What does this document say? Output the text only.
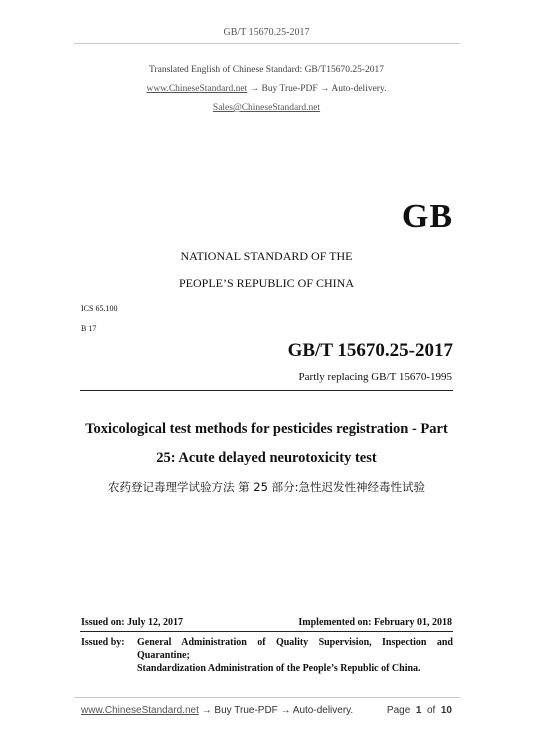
GB/T 15670.25-2017
Translated English of Chinese Standard: GB/T15670.25-2017
www.ChineseStandard.net → Buy True-PDF → Auto-delivery.
Sales@ChineseStandard.net
GB
NATIONAL STANDARD OF THE
PEOPLE’S REPUBLIC OF CHINA
ICS 65.100
B 17
GB/T 15670.25-2017
Partly replacing GB/T 15670-1995
Toxicological test methods for pesticides registration - Part
25: Acute delayed neurotoxicity test
农药登记毒理学试验方法 第 25 部分:急性迟发性神经毒性试验
Issued on: July 12, 2017	Implemented on: February 01, 2018
Issued by:	General Administration of Quality Supervision, Inspection and
Quarantine;
Standardization Administration of the People’s Republic of China.
www.ChineseStandard.net → Buy True-PDF → Auto-delivery.	Page 1 of 10
